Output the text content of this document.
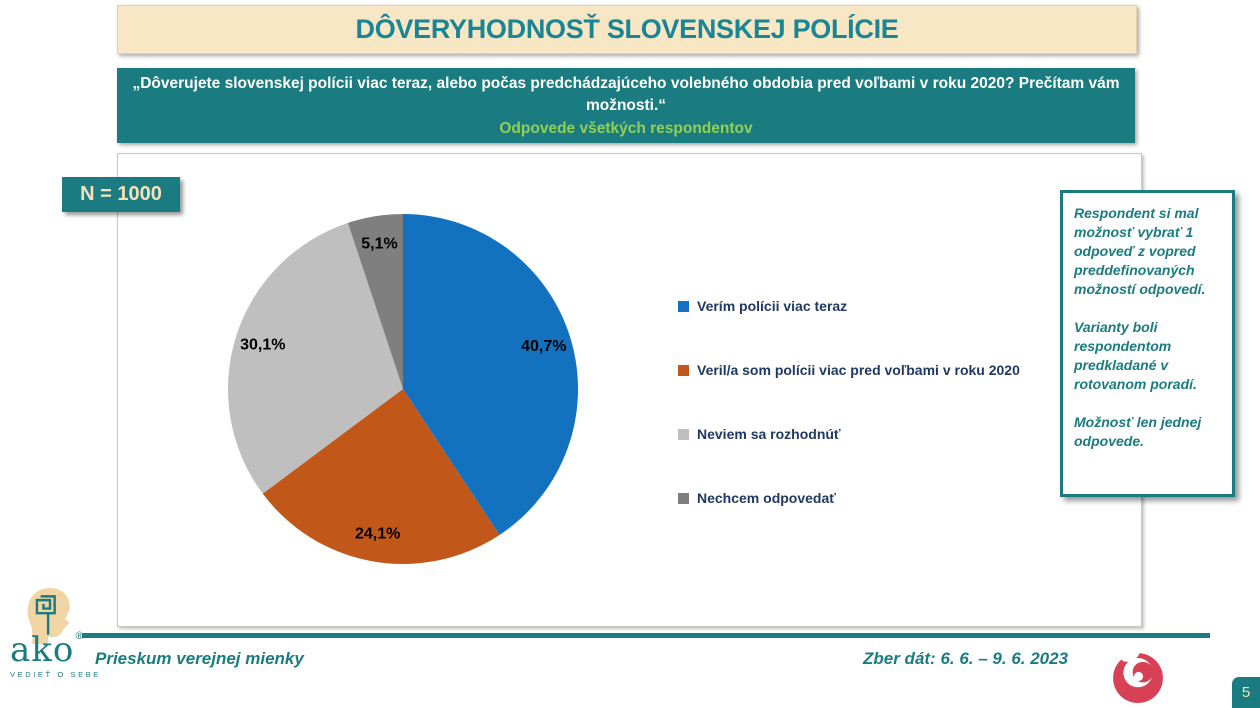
DÔVERYHODNOSŤ SLOVENSKEJ POLÍCIE
„Dôverujete slovenskej polícii viac teraz, alebo počas predchádzajúceho volebného obdobia pred voľbami v roku 2020? Prečítam vám možnosti.“
Odpovede všetkých respondentov
N = 1000
40,7%
24,1%
30,1%
5,1%
Verím polícii viac teraz
Veril/a som polícii viac pred voľbami v roku 2020
Neviem sa rozhodnúť
Nechcem odpovedať

Respondent si mal možnosť vybrať 1 odpoveď z vopred preddefinovaných možností odpovedí.

Varianty boli respondentom predkladané v rotovanom poradí.

Možnosť len jednej odpovede.

Prieskum verejnej mienky	Zber dát: 6. 6. – 9. 6. 2023
ako®
VEDIEŤ O SEBE
5
